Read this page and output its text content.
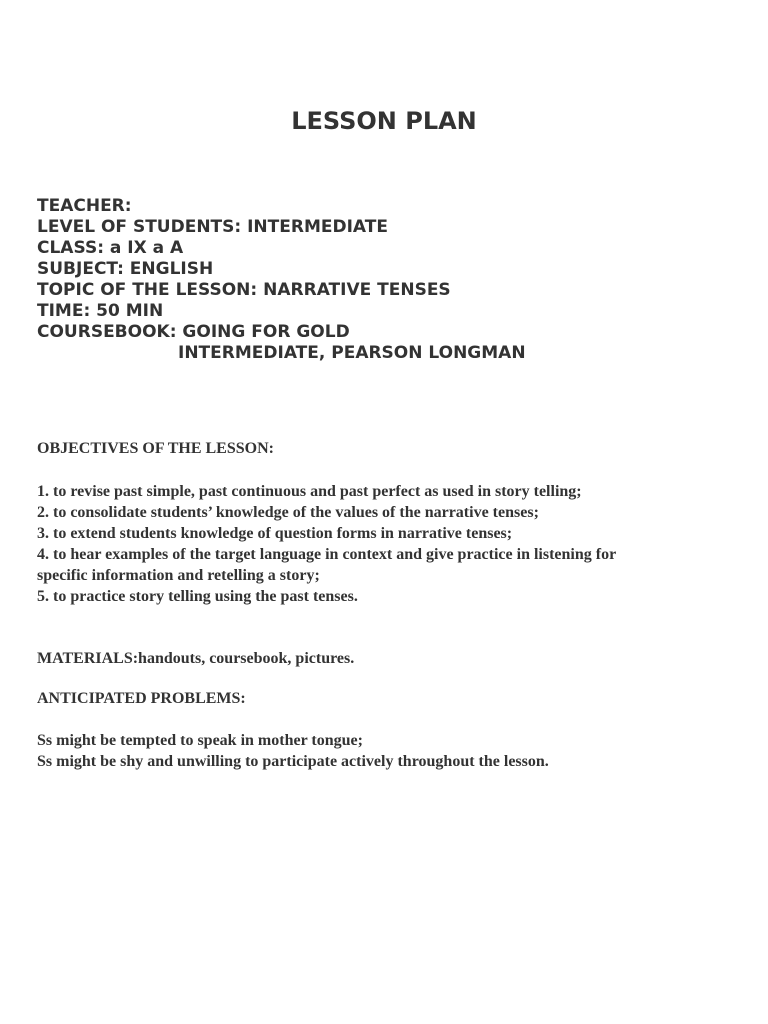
LESSON PLAN
TEACHER:
LEVEL OF STUDENTS: INTERMEDIATE
CLASS: a IX a A
SUBJECT: ENGLISH
TOPIC OF THE LESSON: NARRATIVE TENSES
TIME: 50 MIN
COURSEBOOK: GOING FOR GOLD
INTERMEDIATE, PEARSON LONGMAN
OBJECTIVES OF THE LESSON:
1. to revise past simple, past continuous and past perfect as used in story telling;
2. to consolidate students’ knowledge of the values of the narrative tenses;
3. to extend students knowledge of question forms in narrative tenses;
4. to hear examples of the target language in context and give practice in listening for
specific information and retelling a story;
5. to practice story telling using the past tenses.
MATERIALS:handouts, coursebook, pictures.
ANTICIPATED PROBLEMS:
Ss might be tempted to speak in mother tongue;
Ss might be shy and unwilling to participate actively throughout the lesson.
